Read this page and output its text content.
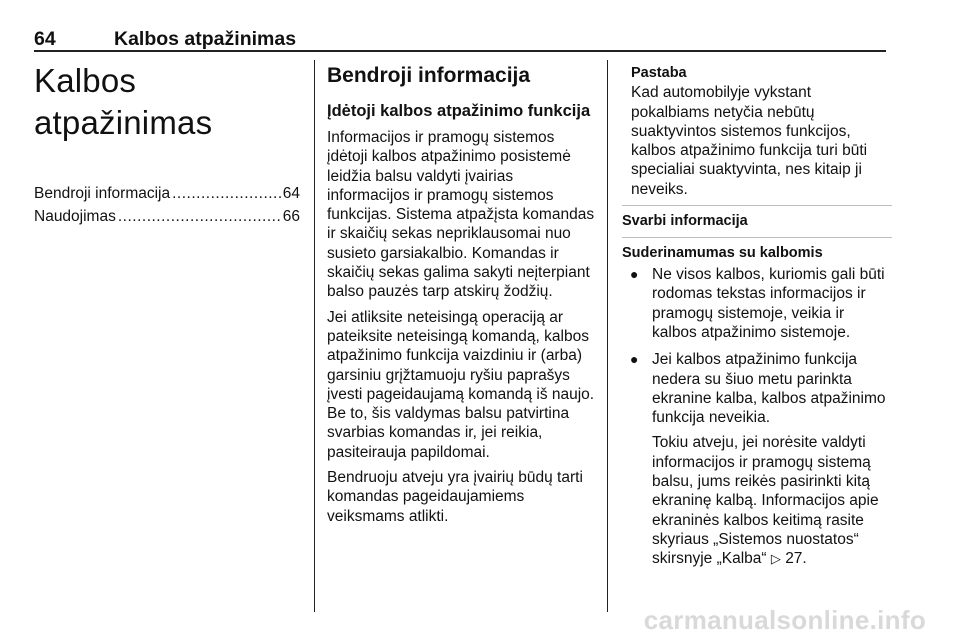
64	Kalbos atpažinimas
Kalbos atpažinimas
Bendroji informacija .....	64
Naudojimas .....	66
Bendroji informacija
Įdėtoji kalbos atpažinimo funkcija

Informacijos ir pramogų sistemos įdėtoji kalbos atpažinimo posistemė leidžia balsu valdyti įvairias informacijos ir pramogų sistemos funkcijas. Sistema atpažįsta komandas ir skaičių sekas nepriklausomai nuo susieto garsiakalbio. Komandas ir skaičių sekas galima sakyti neįterpiant balso pauzės tarp atskirų žodžių.

Jei atliksite neteisingą operaciją ar pateiksite neteisingą komandą, kalbos atpažinimo funkcija vaizdiniu ir (arba) garsiniu grįžtamuoju ryšiu paprašys įvesti pageidaujamą komandą iš naujo. Be to, šis valdymas balsu patvirtina svarbias komandas ir, jei reikia, pasiteirauja papildomai.

Bendruoju atveju yra įvairių būdų tarti komandas pageidaujamiems veiksmams atlikti.

Pastaba
Kad automobilyje vykstant pokalbiams netyčia nebūtų suaktyvintos sistemos funkcijos, kalbos atpažinimo funkcija turi būti specialiai suaktyvinta, nes kitaip ji neveiks.
Svarbi informacija
Suderinamumas su kalbomis
● Ne visos kalbos, kuriomis gali būti rodomas tekstas informacijos ir pramogų sistemoje, veikia ir kalbos atpažinimo sistemoje.
● Jei kalbos atpažinimo funkcija nedera su šiuo metu parinkta ekranine kalba, kalbos atpažinimo funkcija neveikia.
Tokiu atveju, jei norėsite valdyti informacijos ir pramogų sistemą balsu, jums reikės pasirinkti kitą ekraninę kalbą. Informacijos apie ekraninės kalbos keitimą rasite skyriaus „Sistemos nuostatos“ skirsnyje „Kalba“ ▷ 27.
carmanualsonline.info
